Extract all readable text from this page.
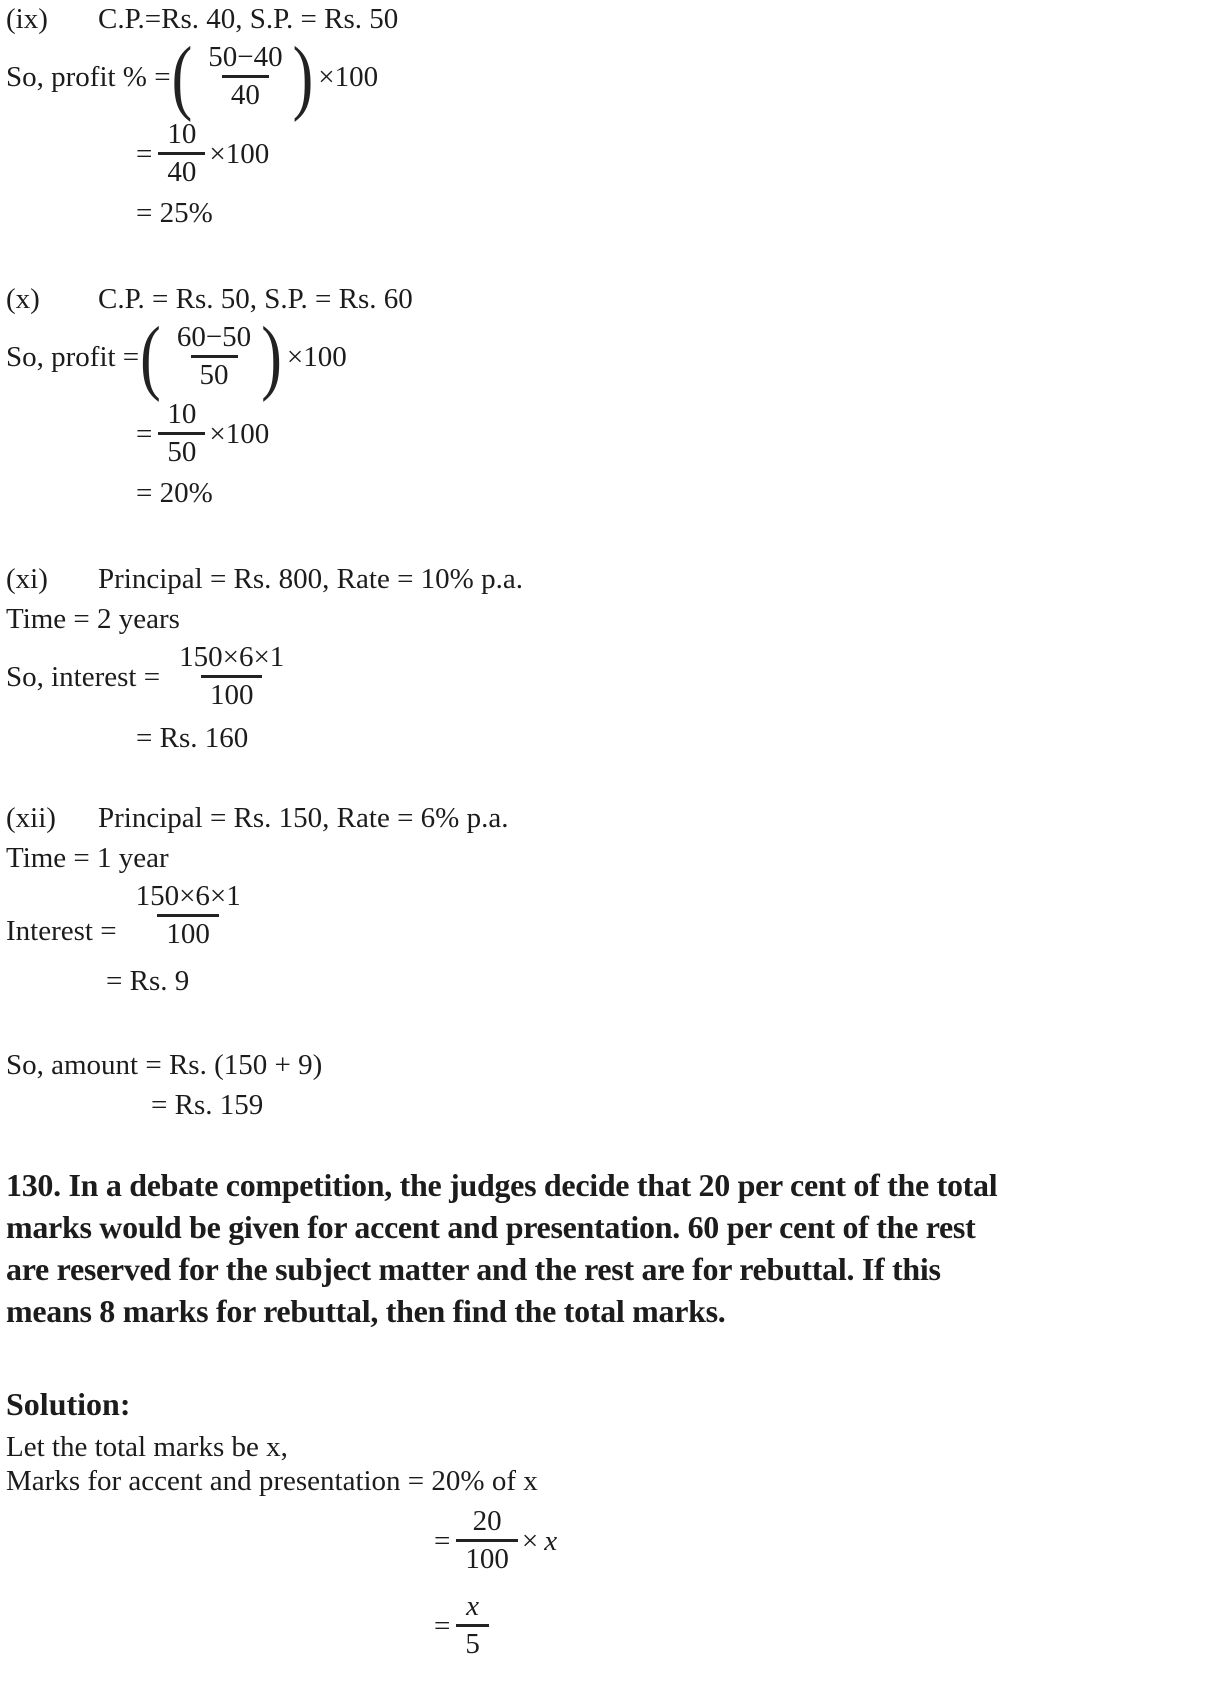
(ix)	C.P.=Rs. 40, S.P. = Rs. 50
So, profit % = ( $\frac{50-40}{40}$ ) ×100
= $\frac{10}{40} \times 100$
= 25%
(x)	C.P. = Rs. 50, S.P. = Rs. 60
So, profit = ( $\frac{60-50}{50}$ ) ×100
= $\frac{10}{50} \times 100$
= 20%
(xi)	Principal = Rs. 800, Rate = 10% p.a.
Time = 2 years
So, interest = $\frac{150\times 6\times 1}{100}$
= Rs. 160
(xii)	Principal = Rs. 150, Rate = 6% p.a.
Time = 1 year
Interest = $\frac{150\times 6\times 1}{100}$
= Rs. 9
So, amount = Rs. (150 + 9)
= Rs. 159
130. In a debate competition, the judges decide that 20 per cent of the total
marks would be given for accent and presentation. 60 per cent of the rest
are reserved for the subject matter and the rest are for rebuttal. If this
means 8 marks for rebuttal, then find the total marks.
Solution:
Let the total marks be x,
Marks for accent and presentation = 20% of x
= $\frac{20}{100} \times x$
= $\frac{x}{5}$
